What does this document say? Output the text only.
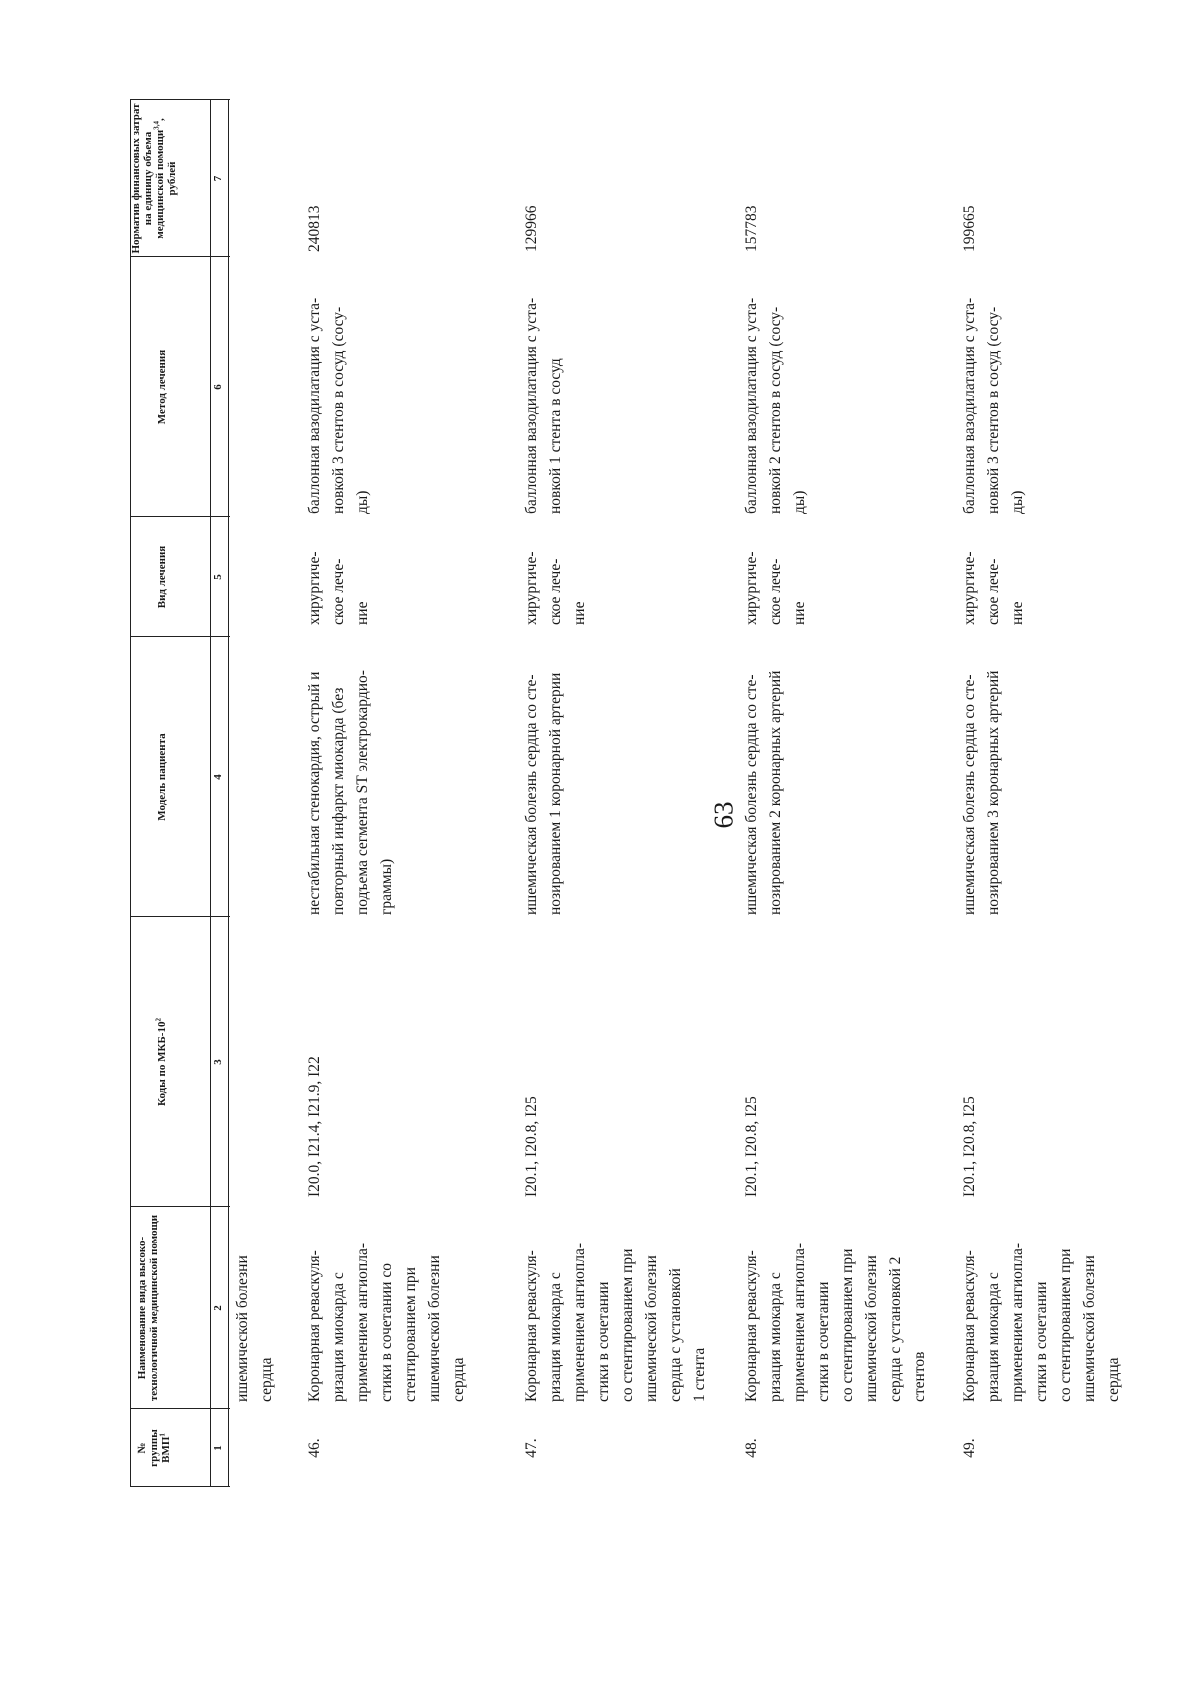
63
№
группы
ВМП$^1$
Наименование вида высоко-технологичной медицинской помощи
Коды по МКБ-$10^2$
Модель пациента
Метод лечения
Вид лечения
Норматив финансовых затрат на единицу объема медицинской помощи$^{3,4}$, рублей
1
2
3
4
5
6
7
ишемической болезни
сердца
46.
Коронарная реваскуля-
ризация миокарда с
применением ангиопла-
стики в сочетании со
стентированием при
ишемической болезни
сердца
I20.0, I21.4, I21.9, I22
нестабильная стенокардия, острый и
повторный инфаркт миокарда (без
подъема сегмента ST электрокардио-
граммы)
хирургиче-
ское лече-
ние
баллонная вазодилатация с уста-
новкой 3 стентов в сосуд (сосу-
ды)
240813
47.
Коронарная реваскуля-
ризация миокарда с
применением ангиопла-
стики в сочетании
со стентированием при
ишемической болезни
сердца с установкой
1 стента
I20.1, I20.8, I25
ишемическая болезнь сердца со сте-
нозированием 1 коронарной артерии
хирургиче-
ское лече-
ние
баллонная вазодилатация с уста-
новкой 1 стента в сосуд
129966
48.
Коронарная реваскуля-
ризация миокарда с
применением ангиопла-
стики в сочетании
со стентированием при
ишемической болезни
сердца с установкой 2
стентов
I20.1, I20.8, I25
ишемическая болезнь сердца со сте-
нозированием 2 коронарных артерий
хирургиче-
ское лече-
ние
баллонная вазодилатация с уста-
новкой 2 стентов в сосуд (сосу-
ды)
157783
49.
Коронарная реваскуля-
ризация миокарда с
применением ангиопла-
стики в сочетании
со стентированием при
ишемической болезни
сердца
I20.1, I20.8, I25
ишемическая болезнь сердца со сте-
нозированием 3 коронарных артерий
хирургиче-
ское лече-
ние
баллонная вазодилатация с уста-
новкой 3 стентов в сосуд (сосу-
ды)
199665
